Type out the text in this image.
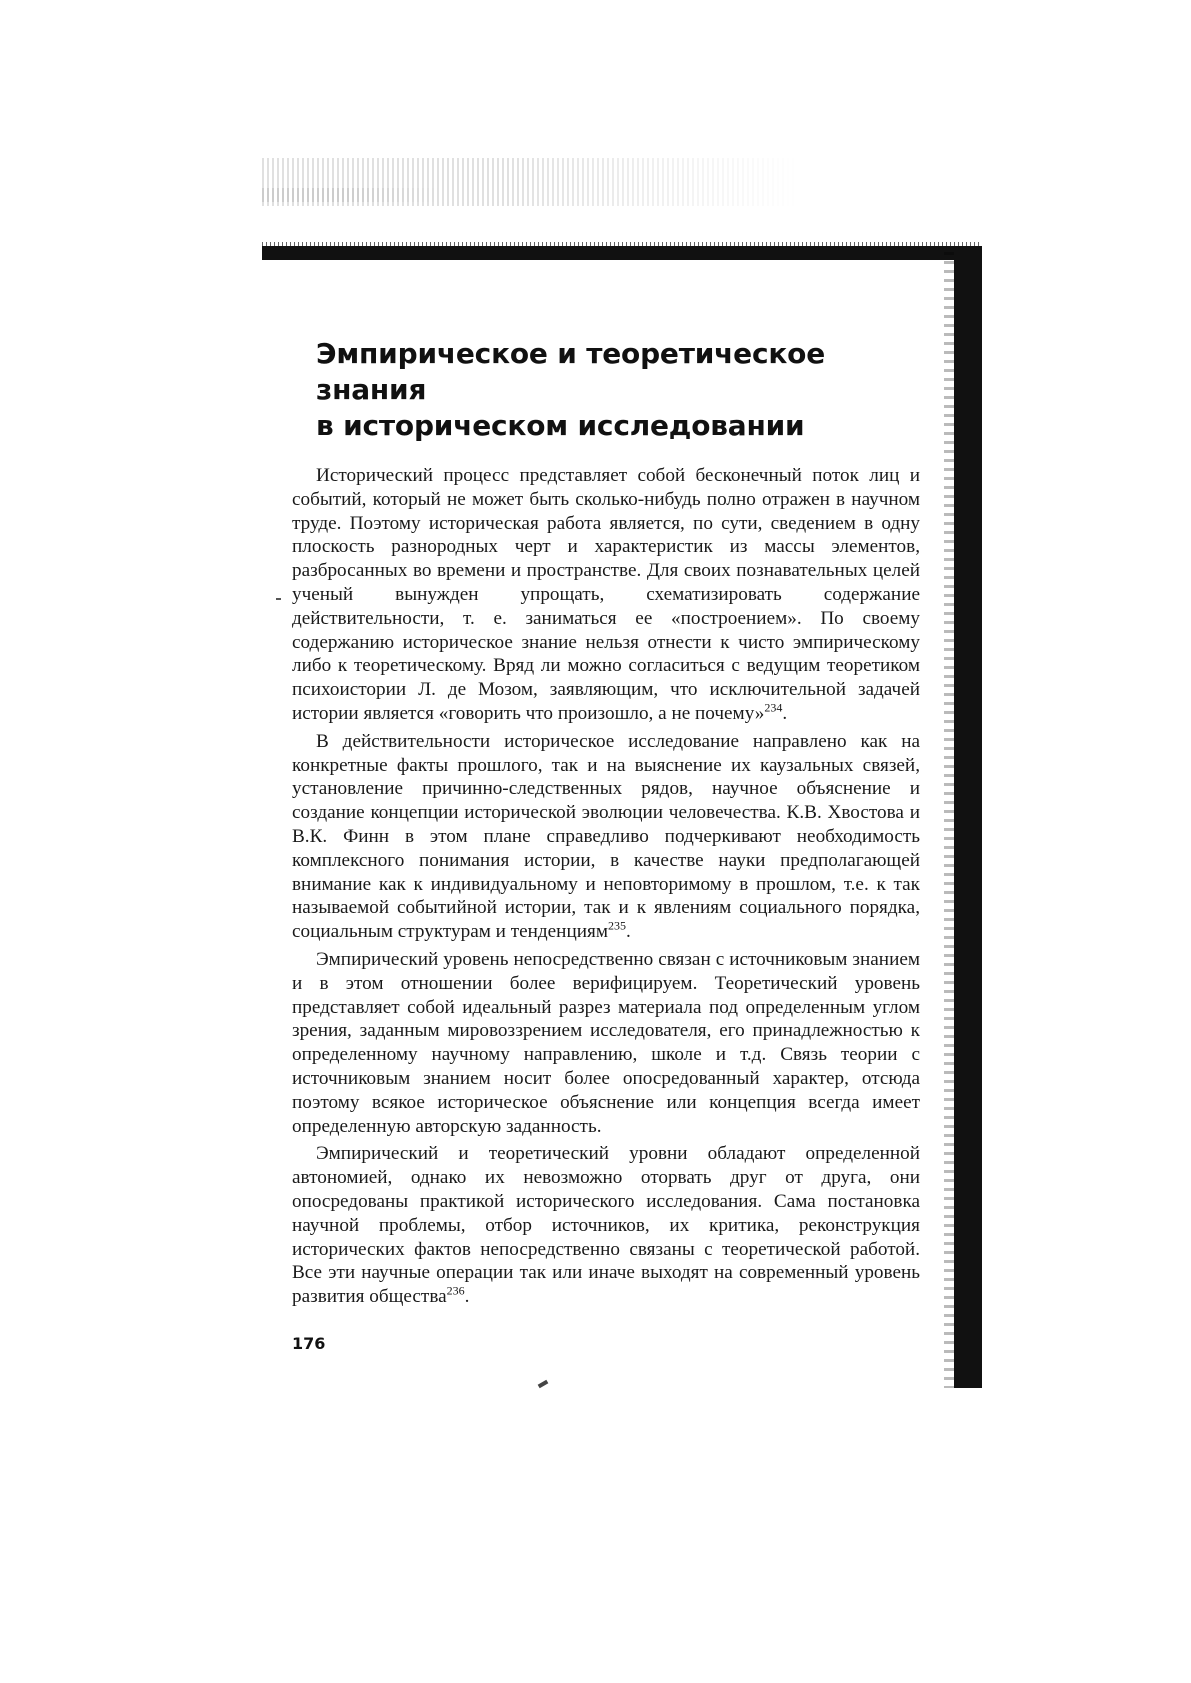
Эмпирическое и теоретическое знания
в историческом исследовании

Исторический процесс представляет собой бесконечный поток лиц и событий, который не может быть сколько-нибудь полно отражен в научном труде. Поэтому историческая работа является, по сути, сведением в одну плоскость разнородных черт и характеристик из массы элементов, разбросанных во времени и пространстве. Для своих познавательных целей ученый вынужден упрощать, схематизировать содержание действительности, т. е. заниматься ее «построением». По своему содержанию историческое знание нельзя отнести к чисто эмпирическому либо к теоретическому. Вряд ли можно согласиться с ведущим теоретиком психоистории Л. де Мозом, заявляющим, что исключительной задачей истории является «говорить что произошло, а не почему»$^{234}$.

В действительности историческое исследование направлено как на конкретные факты прошлого, так и на выяснение их каузальных связей, установление причинно-следственных рядов, научное объяснение и создание концепции исторической эволюции человечества. К.В. Хвостова и В.К. Финн в этом плане справедливо подчеркивают необходимость комплексного понимания истории, в качестве науки предполагающей внимание как к индивидуальному и неповторимому в прошлом, т.е. к так называемой событийной истории, так и к явлениям социального порядка, социальным структурам и тенденциям$^{235}$.

Эмпирический уровень непосредственно связан с источниковым знанием и в этом отношении более верифицируем. Теоретический уровень представляет собой идеальный разрез материала под определенным углом зрения, заданным мировоззрением исследователя, его принадлежностью к определенному научному направлению, школе и т.д. Связь теории с источниковым знанием носит более опосредованный характер, отсюда поэтому всякое историческое объяснение или концепция всегда имеет определенную авторскую заданность.

Эмпирический и теоретический уровни обладают определенной автономией, однако их невозможно оторвать друг от друга, они опосредованы практикой исторического исследования. Сама постановка научной проблемы, отбор источников, их критика, реконструкция исторических фактов непосредственно связаны с теоретической работой. Все эти научные операции так или иначе выходят на современный уровень развития общества$^{236}$.

176
